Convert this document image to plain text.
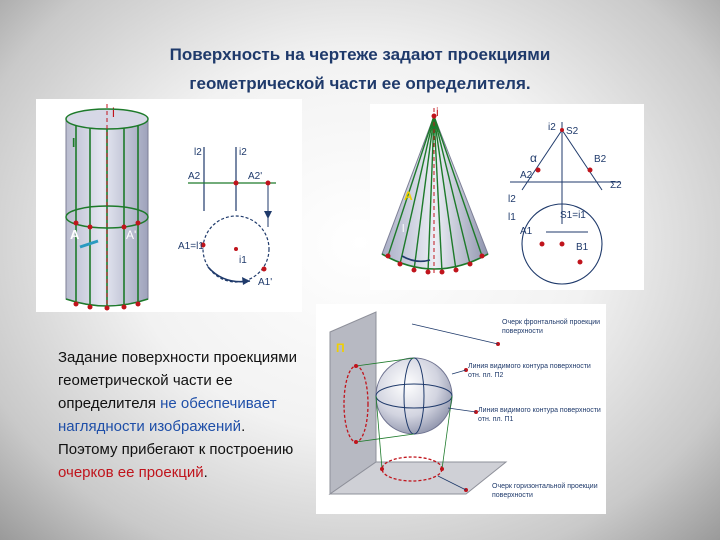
Поверхность на чертеже задают проекциями
геометрической части ее определителя.
i
l
A	A'
l2	i2
A2	A2'
A1=l1
i1
A1'
i
A
l
i2 S2
α	B2
A2
Σ2
l2
l1	S1=i1
A1
B1
П
Очерк фронтальной проекции поверхности
Линия видимого контура поверхности отн. пл. П2
Линия видимого контура поверхности отн. пл. П1
Очерк горизонтальной проекции поверхности
Задание поверхности проекциями геометрической части ее определителя не обеспечивает наглядности изображений. Поэтому прибегают к построению очерков ее проекций.
